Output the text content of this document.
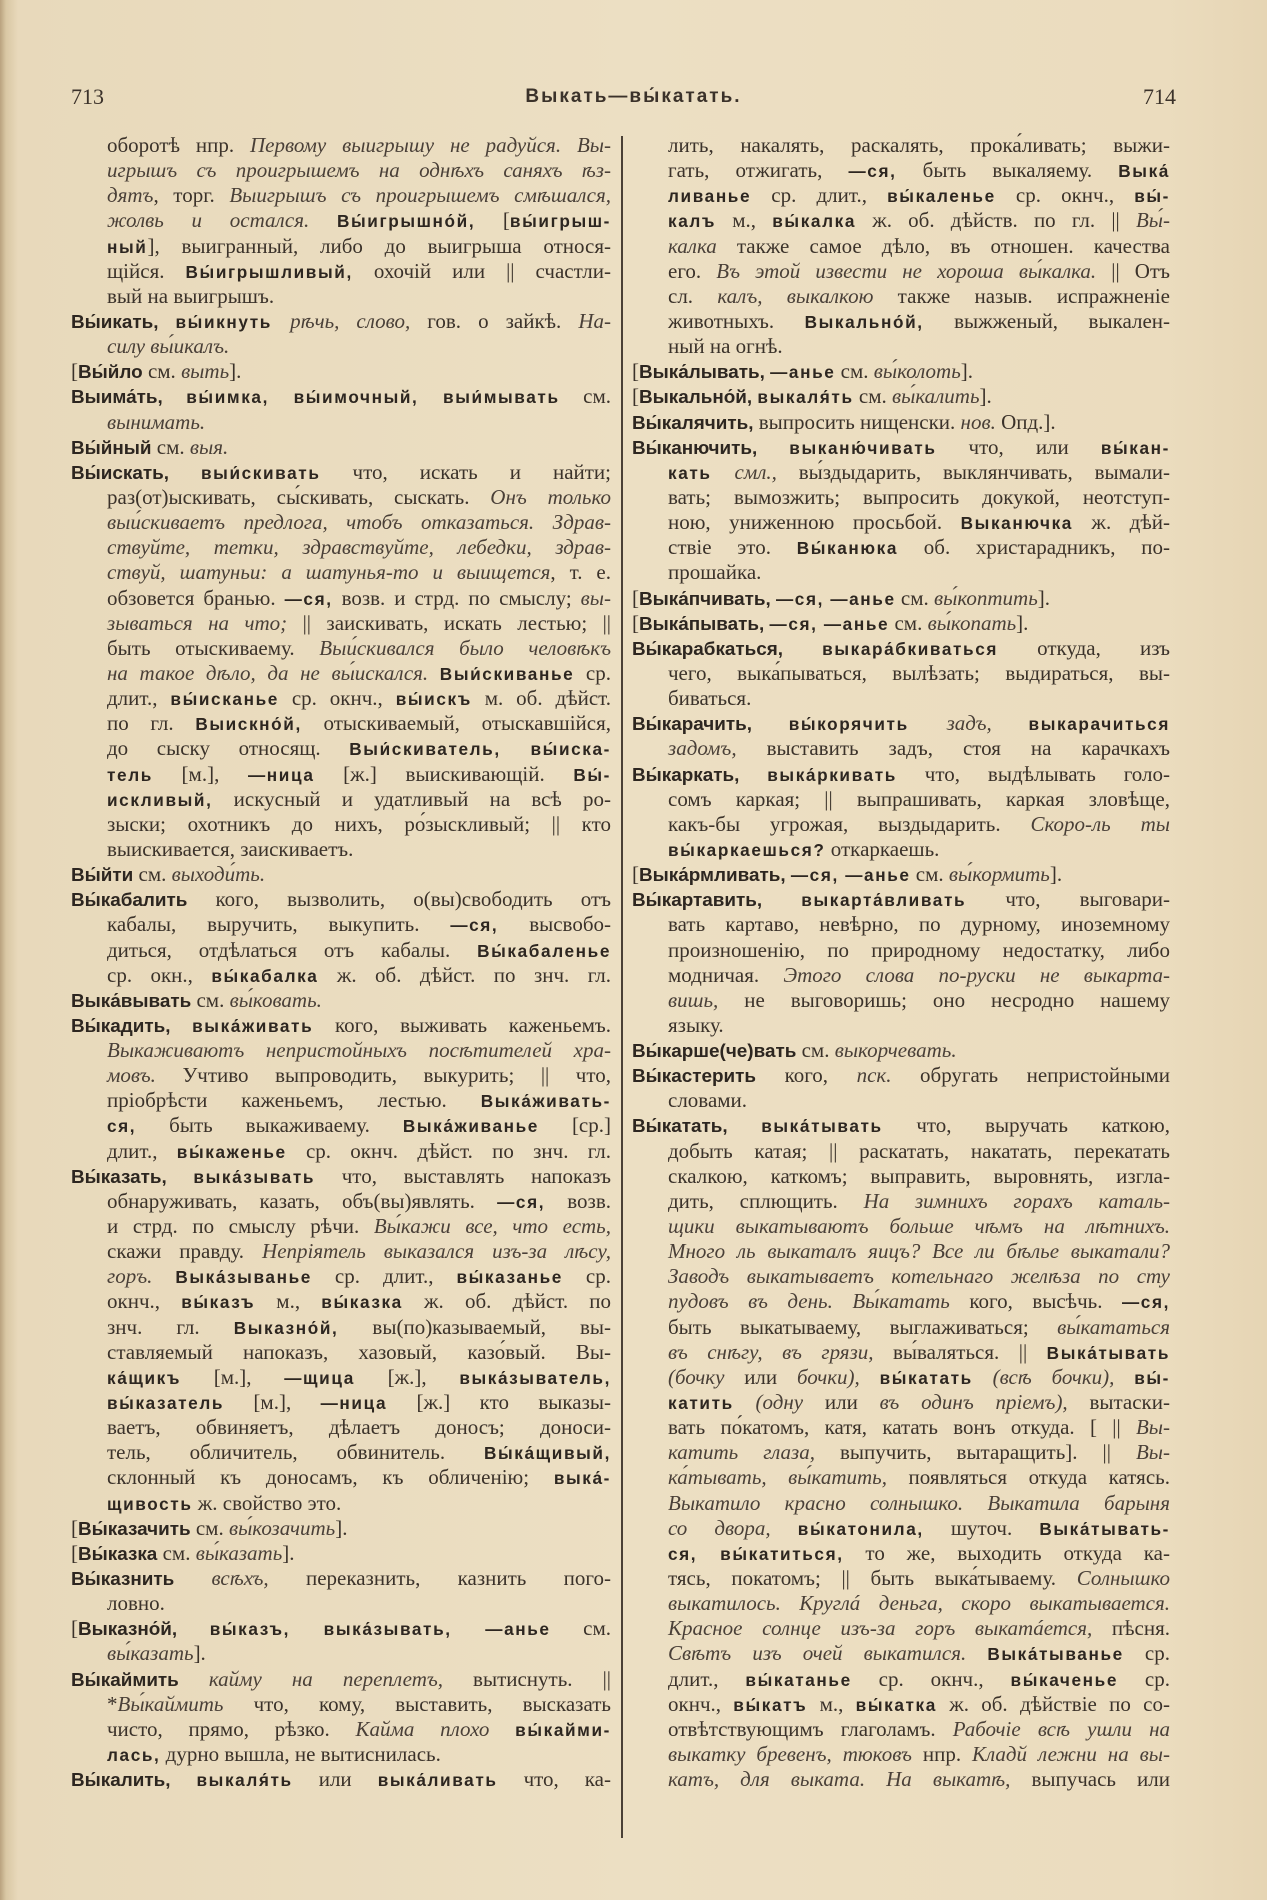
713	Выкать—вы́катать.	714
оборотѣ нпр. Первому выигрышу не радуйся. Вы-
игрышъ съ проигрышемъ на однѣхъ саняхъ ѣз-
дятъ, торг. Выигрышъ съ проигрышемъ смѣшался,
жолвь и остался. Вы́игрышно́й, [вы́игрыш-
ный], выигранный, либо до выигрыша относя-
щійся. Вы́игрышливый, охочій или || счастли-
вый на выигрышъ.
Вы́икать, вы́икнуть рѣчь, слово, гов. о зайкѣ. На-
силу вы́икалъ.
[Вы́йло см. выть].
Выима́ть, вы́имка, вы́имочный, выи́мывать см.
вынимать.
Вы́йный см. выя.
Вы́искать, выи́скивать что, искать и найти;
раз(от)ыскивать, сы́скивать, сыскать. Онъ только
выи́скиваетъ предлога, чтобъ отказаться. Здрав-
ствуйте, тетки, здравствуйте, лебедки, здрав-
ствуй, шатуньи: а шатунья-то и выищется, т. е.
обзовется бранью. —ся, возв. и стрд. по смыслу; вы-
зываться на что; || заискивать, искать лестью; ||
быть отыскиваему. Выи́скивался было человѣкъ
на такое дѣло, да не вы́искался. Выи́скиванье ср.
длит., вы́исканье ср. окнч., вы́искъ м. об. дѣйст.
по гл. Выискно́й, отыскиваемый, отыскавшійся,
до сыску относящ. Выи́скиватель, вы́иска-
тель [м.], —ница [ж.] выискивающій. Вы́-
искливый, искусный и удатливый на всѣ ро-
зыски; охотникъ до нихъ, ро́зыскливый; || кто
выискивается, заискиваетъ.
Вы́йти см. выходи́ть.
Вы́кабалить кого, вызволить, о(вы)свободить отъ
кабалы, выручить, выкупить. —ся, высвобо-
диться, отдѣлаться отъ кабалы. Вы́кабаленье
ср. окн., вы́кабалка ж. об. дѣйст. по знч. гл.
Выка́вывать см. вы́ковать.
Вы́кадить, выка́живать кого, выживать каженьемъ.
Выкаживаютъ непристойныхъ посѣтителей хра-
мовъ. Учтиво выпроводить, выкурить; || что,
пріобрѣсти каженьемъ, лестью. Выка́живать-
ся, быть выкаживаему. Выка́живанье [ср.]
длит., вы́каженье ср. окнч. дѣйст. по знч. гл.
Вы́казать, выка́зывать что, выставлять напоказъ
обнаруживать, казать, объ(вы)являть. —ся, возв.
и стрд. по смыслу рѣчи. Вы́кажи все, что есть,
скажи правду. Непріятель выказался изъ-за лѣсу,
горъ. Выка́зыванье ср. длит., вы́казанье ср.
окнч., вы́казъ м., вы́казка ж. об. дѣйст. по
знч. гл. Выказно́й, вы(по)казываемый, вы-
ставляемый напоказъ, хазовый, казо́вый. Вы-
ка́щикъ [м.], —щица [ж.], выка́зыватель,
вы́казатель [м.], —ница [ж.] кто выказы-
ваетъ, обвиняетъ, дѣлаетъ доносъ; доноси-
тель, обличитель, обвинитель. Вы́ка́щивый,
склонный къ доносамъ, къ обличенію; выка́-
щивость ж. свойство это.
[Вы́казачить см. вы́козачить].
[Вы́казка см. вы́казать].
Вы́казнить всѣхъ, переказнить, казнить пого-
ловно.
[Выказно́й, вы́казъ, выка́зывать, —анье см.
вы́казать].
Вы́каймить кайму на переплетъ, вытиснуть. ||
*Вы́каймить что, кому, выставить, высказать
чисто, прямо, рѣзко. Кайма плохо вы́кайми-
лась, дурно вышла, не вытиснилась.
Вы́калить, выкаля́ть или выка́ливать что, ка-
лить, накалять, раскалять, прока́ливать; выжи-
гать, отжигать, —ся, быть выкаляему. Выка́
ливанье ср. длит., вы́каленье ср. окнч., вы́-
калъ м., вы́калка ж. об. дѣйств. по гл. || Вы́-
калка также самое дѣло, въ отношен. качества
его. Въ этой извести не хороша вы́калка. || Отъ
сл. калъ, выкалкою также назыв. испражненіе
животныхъ. Выкально́й, выжженый, выкален-
ный на огнѣ.
[Выка́лывать, —анье см. вы́колоть].
[Выкально́й, выкаля́ть см. вы́калить].
Вы́калячить, выпросить нищенски. нов. Опд.].
Вы́канючить, выканю́чивать что, или вы́кан-
кать смл., вы́здыдарить, выклянчивать, вымали-
вать; вымозжить; выпросить докукой, неотступ-
ною, униженною просьбой. Выканючка ж. дѣй-
ствіе это. Вы́канюка об. христарадникъ, по-
прошайка.
[Выка́пчивать, —ся, —анье см. вы́коптить].
[Выка́пывать, —ся, —анье см. вы́копать].
Вы́карабкаться, выкара́бкиваться откуда, изъ
чего, выка́пываться, вылѣзать; выдираться, вы-
биваться.
Вы́карачить, вы́корячить задъ, выкарачиться
задомъ, выставить задъ, стоя на карачкахъ
Вы́каркать, выка́ркивать что, выдѣлывать голо-
сомъ каркая; || выпрашивать, каркая зловѣще,
какъ-бы угрожая, выздыдарить. Скоро-ль ты
вы́каркаешься? откаркаешь.
[Выка́рмливать, —ся, —анье см. вы́кормить].
Вы́картавить, выкарта́вливать что, выговари-
вать картаво, невѣрно, по дурному, иноземному
произношенію, по природному недостатку, либо
модничая. Этого слова по-руски не выкарта-
вишь, не выговоришь; оно несродно нашему
языку.
Вы́карше(че)вать см. выкорчевать.
Вы́кастерить кого, пск. обругать непристойными
словами.
Вы́катать, выка́тывать что, выручать каткою,
добыть катая; || раскатать, накатать, перекатать
скалкою, каткомъ; выправить, выровнять, изгла-
дить, сплющить. На зимнихъ горахъ каталь-
щики выкатываютъ больше чѣмъ на лѣтнихъ.
Много ль выкаталъ яицъ? Все ли бѣлье выкатали?
Заводъ выкатываетъ котельнаго желѣза по сту
пудовъ въ день. Вы́катать кого, высѣчь. —ся,
быть выкатываему, выглаживаться; вы́кататься
въ снѣгу, въ грязи, вы́валяться. || Выка́тывать
(бочку или бочки), вы́катать (всѣ бочки), вы́-
катить (одну или въ одинъ пріемъ), вытаски-
вать по́катомъ, катя, катать вонъ откуда. [ || Вы-
катить глаза, выпучить, вытаращить]. || Вы-
ка́тывать, вы́катить, появляться откуда катясь.
Выкатило красно солнышко. Выкатила барыня
со двора, вы́катонила, шуточ. Выка́тывать-
ся, вы́катиться, то же, выходить откуда ка-
тясь, покатомъ; || быть выка́тываему. Солнышко
выкатилось. Круглá деньга, скоро выкатывается.
Красное солнце изъ-за горъ выкатáется, пѣсня.
Свѣтъ изъ очей выкатился. Выка́тыванье ср.
длит., вы́катанье ср. окнч., вы́каченье ср.
окнч., вы́катъ м., вы́катка ж. об. дѣйствіе по со-
отвѣтствующимъ глаголамъ. Рабочіе всѣ ушли на
выкатку бревенъ, тюковъ нпр. Кладй лежни на вы-
катъ, для выката. На выкатѣ, выпучась или
